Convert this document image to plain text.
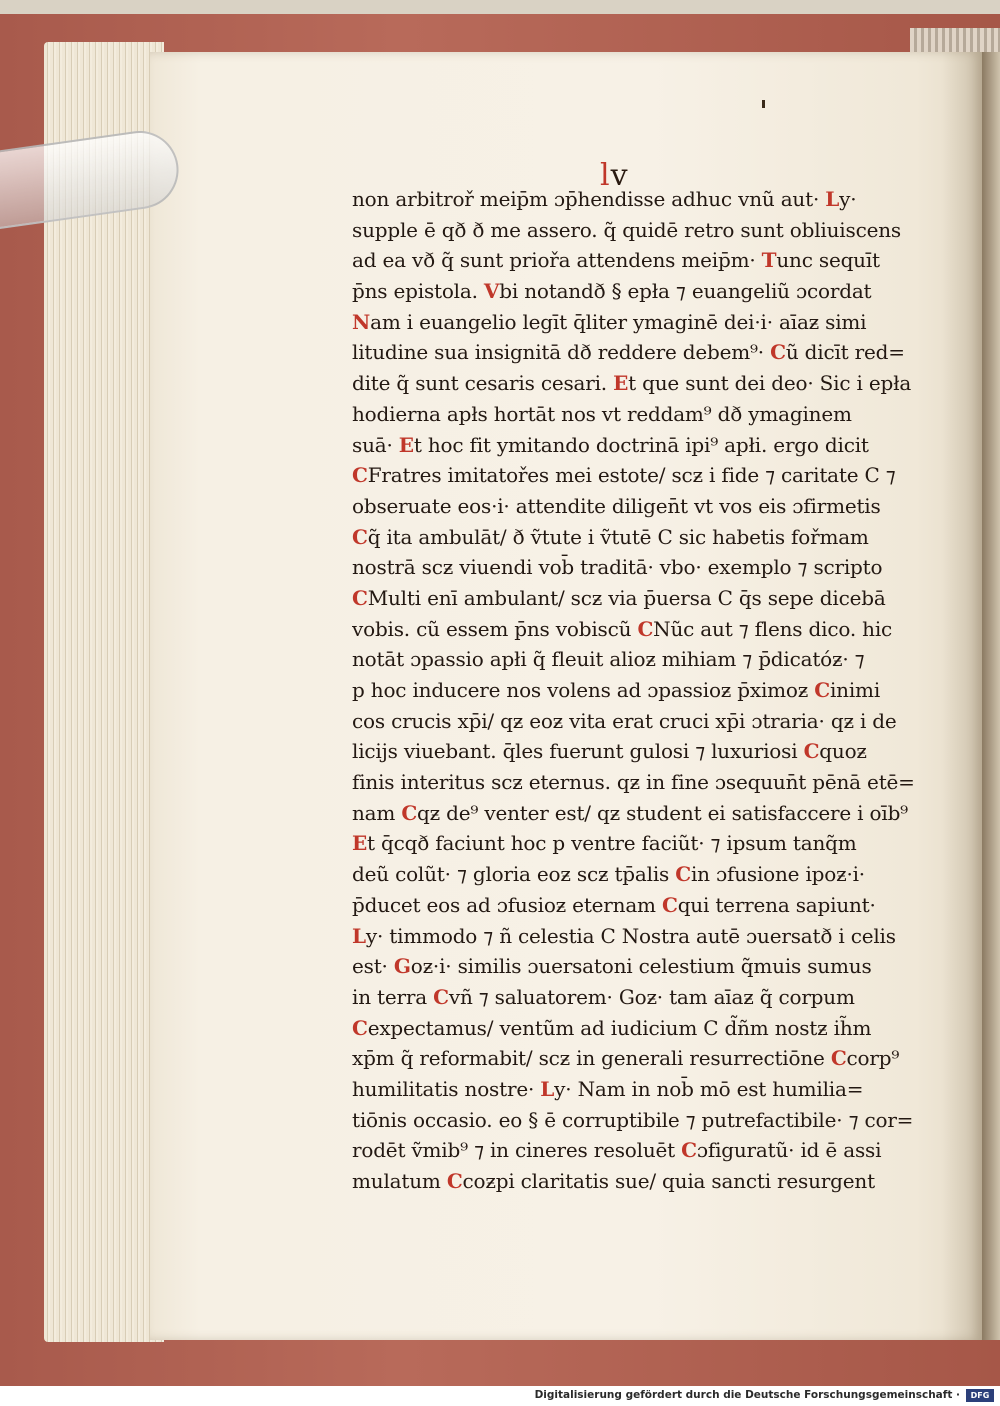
lv
non arbitroř meip̄m ɔp̄hendisse adhuc vnũ aut· Ly·
supple ē qð ð me assero. q̃ quidē retro sunt obliuiscens
ad ea vð q̃ sunt priořa attendens meip̄m· Tunc sequīt
p̄ns epistola. Vbi notandð § epła ⁊ euangeliũ ɔcordat
Nam i euangelio legīt q̄liter ymaginē dei·i· aīaƶ simi
litudine sua insignitā dð reddere debem⁹· Cũ dicīt red=
dite q̃ sunt cesaris cesari. Et que sunt dei deo· Sic i epła
hodierna apłs hortāt nos vt reddam⁹ dð ymaginem
suā· Et hoc fit ymitando doctrinā ipi⁹ apłi. ergo dicit
CFratres imitatořes mei estote/ scƶ i fide ⁊ caritate C ⁊
obseruate eos·i· attendite diligen̄t vt vos eis ɔfirmetis
Cq̃ ita ambulāt/ ð ṽtute i ṽtutē C sic habetis fořmam
nostrā scƶ viuendi vob̄ traditā· vbo· exemplo ⁊ scripto
CMulti enī ambulant/ scƶ via p̄uersa C q̄s sepe dicebā
vobis. cũ essem p̄ns vobiscũ CNũc aut ⁊ flens dico. hic
notāt ɔpassio apłi q̃ fleuit alioƶ mihiam ⁊ p̄dicatóƶ· ⁊
p hoc inducere nos volens ad ɔpassioƶ p̄ximoƶ Cinimi
cos crucis xp̄i/ qƶ eoƶ vita erat cruci xp̄i ɔtraria· qƶ i de
licijs viuebant. q̄les fuerunt gulosi ⁊ luxuriosi Cquoƶ
finis interitus scƶ eternus. qƶ in fine ɔsequun̄t pēnā etē=
nam Cqƶ de⁹ venter est/ qƶ student ei satisfaccere i oīb⁹
Et q̄cqð faciunt hoc p ventre faciũt· ⁊ ipsum tanq̃m
deũ colũt· ⁊ gloria eoƶ scƶ tp̄alis Cin ɔfusione ipoƶ·i·
p̄ducet eos ad ɔfusioƶ eternam Cqui terrena sapiunt·
Ly· timmodo ⁊ ñ celestia C Nostra autē ɔuersatð i celis
est· Goƶ·i· similis ɔuersatoni celestium q̃muis sumus
in terra Cvñ ⁊ saluatorem· Goƶ· tam aīaƶ q̃ corpum
Cexpectamus/ ventũm ad iudicium C d̃ñm nostƶ ih̃m
xp̄m q̃ reformabit/ scƶ in generali resurrectiōne Ccorp⁹
humilitatis nostre· Ly· Nam in nob̄ mō est humilia=
tiōnis occasio. eo § ē corruptibile ⁊ putrefactibile· ⁊ cor=
rodēt ṽmib⁹ ⁊ in cineres resoluēt Cɔfiguratũ· id ē assi
mulatum Ccoƶpi claritatis sue/ quia sancti resurgent
Digitalisierung gefördert durch die Deutsche Forschungsgemeinschaft ·	DFG
